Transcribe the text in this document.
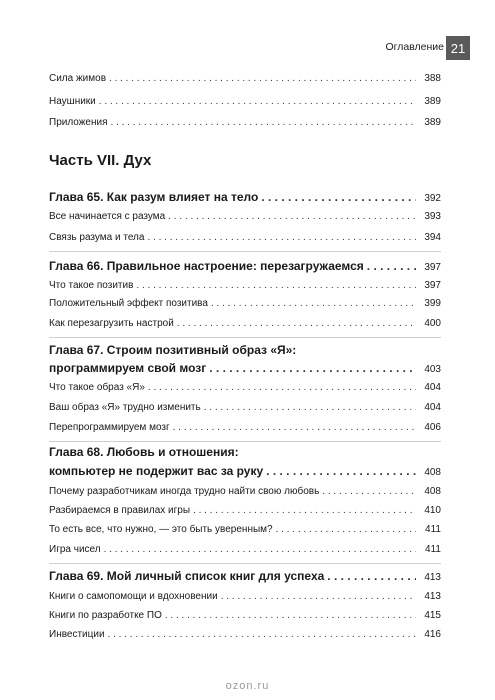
Оглавление 21
Сила жимов . . .	388
Наушники . . .	389
Приложения . . .	389
Часть VII. Дух
Глава 65. Как разум влияет на тело . . .	392
Все начинается с разума . . .	393
Связь разума и тела . . .	394
Глава 66. Правильное настроение: перезагружаемся . . .	397
Что такое позитив . . .	397
Положительный эффект позитива . . .	399
Как перезагрузить настрой . . .	400
Глава 67. Строим позитивный образ «Я»:
программируем свой мозг . . .	403
Что такое образ «Я» . . .	404
Ваш образ «Я» трудно изменить . . .	404
Перепрограммируем мозг . . .	406
Глава 68. Любовь и отношения:
компьютер не подержит вас за руку . . .	408
Почему разработчикам иногда трудно найти свою любовь . . .	408
Разбираемся в правилах игры . . .	410
То есть все, что нужно, — это быть уверенным? . . .	411
Игра чисел . . .	411
Глава 69. Мой личный список книг для успеха . . .	413
Книги о самопомощи и вдохновении . . .	413
Книги по разработке ПО . . .	415
Инвестиции . . .	416
ozon.ru
